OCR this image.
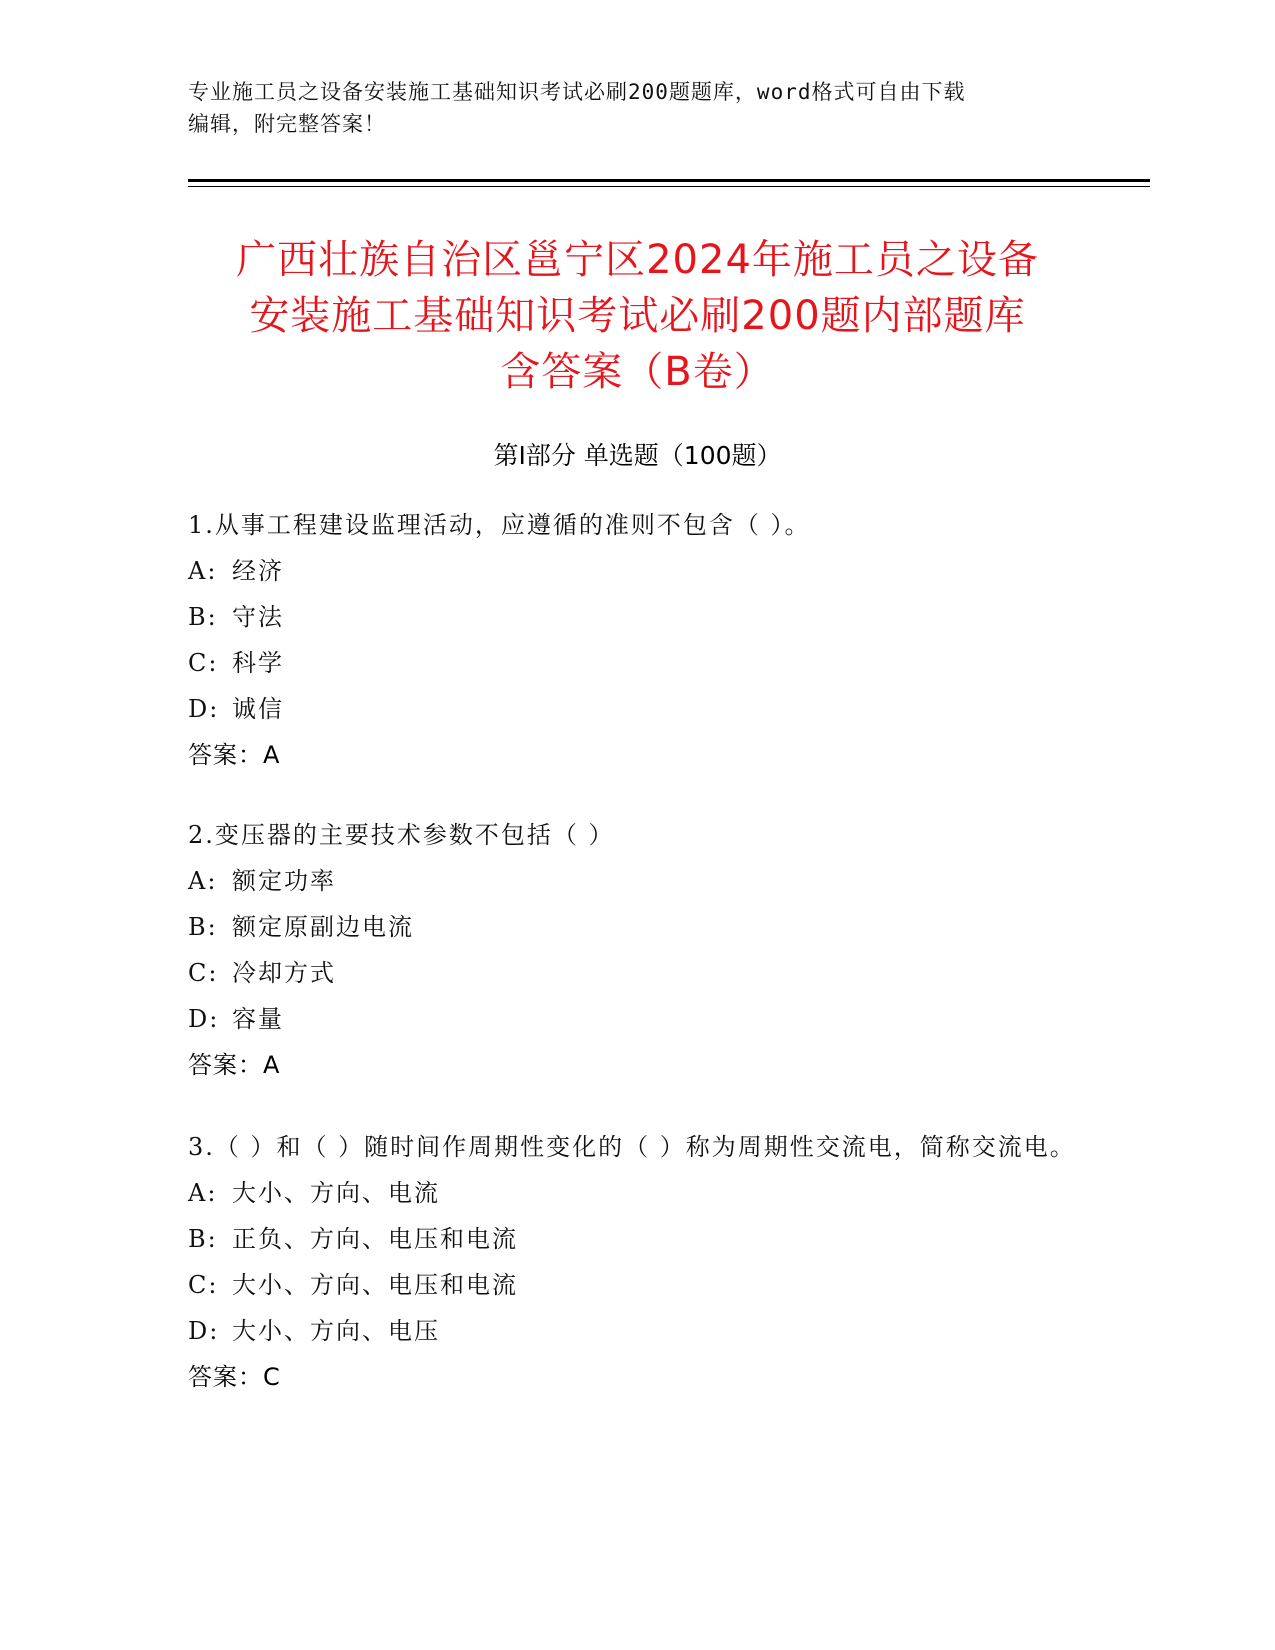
专业施工员之设备安装施工基础知识考试必刷200题题库，word格式可自由下载
编辑，附完整答案！
广西壮族自治区邕宁区2024年施工员之设备
安装施工基础知识考试必刷200题内部题库
含答案（B卷）
第Ⅰ部分 单选题（100题）
1.从事工程建设监理活动，应遵循的准则不包含（ ）。
A: 经济
B: 守法
C: 科学
D: 诚信
答案：A
2.变压器的主要技术参数不包括（ ）
A: 额定功率
B: 额定原副边电流
C: 冷却方式
D: 容量
答案：A
3.（ ）和（ ）随时间作周期性变化的（ ）称为周期性交流电，简称交流电。
A: 大小、方向、电流
B: 正负、方向、电压和电流
C: 大小、方向、电压和电流
D: 大小、方向、电压
答案：C
